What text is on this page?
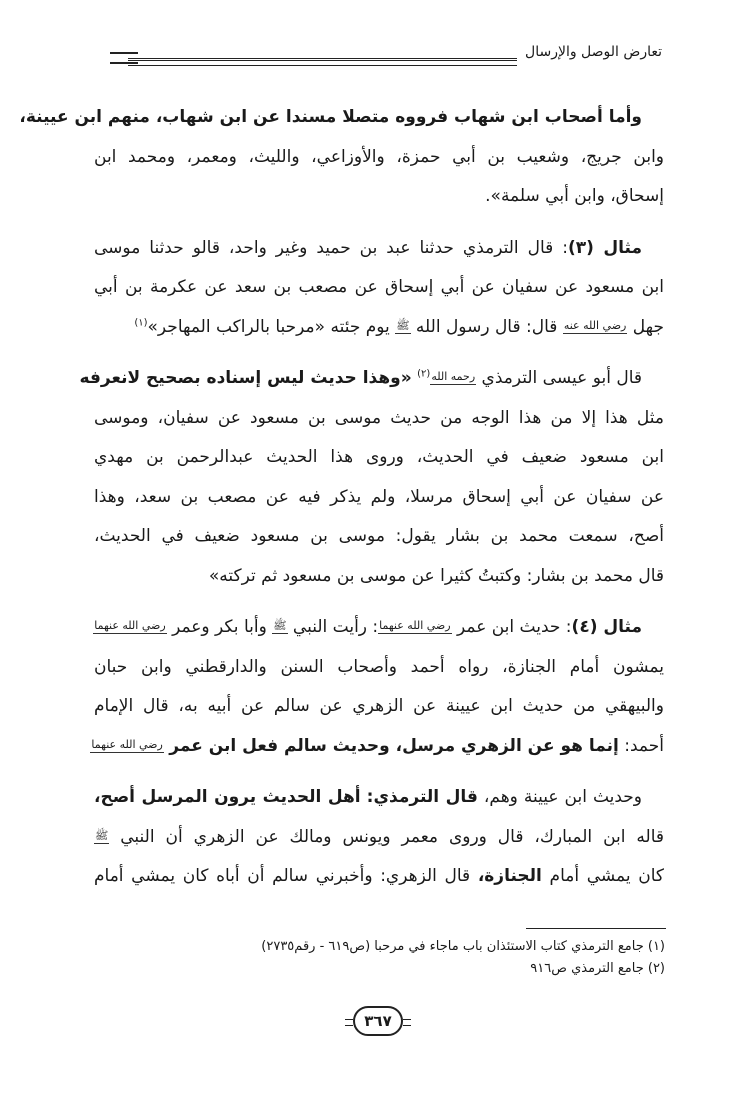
تعارض الوصل والإرسال
وأما أصحاب ابن شهاب فرووه متصلا مسندا عن ابن شهاب، منهم ابن عيينة،
وابن جريج، وشعيب بن أبي حمزة، والأوزاعي، والليث، ومعمر، ومحمد ابن
إسحاق، وابن أبي سلمة».
مثال (٣): قال الترمذي حدثنا عبد بن حميد وغير واحد، قالو حدثنا موسى
ابن مسعود عن سفيان عن أبي إسحاق عن مصعب بن سعد عن عكرمة بن أبي
جهل رضي الله عنه قال: قال رسول الله ﷺ يوم جئته «مرحبا بالراكب المهاجر»$^{(١)}$
قال أبو عيسى الترمذي رحمه الله$^{(٢)}$ «وهذا حديث ليس إسناده بصحيح لانعرفه
مثل هذا إلا من هذا الوجه من حديث موسى بن مسعود عن سفيان، وموسى
ابن مسعود ضعيف في الحديث، وروى هذا الحديث عبدالرحمن بن مهدي
عن سفيان عن أبي إسحاق مرسلا، ولم يذكر فيه عن مصعب بن سعد، وهذا
أصح، سمعت محمد بن بشار يقول: موسى بن مسعود ضعيف في الحديث،
قال محمد بن بشار: وكتبتُ كثيرا عن موسى بن مسعود ثم تركته»
مثال (٤): حديث ابن عمر رضي الله عنهما: رأيت النبي ﷺ وأبا بكر وعمر رضي الله عنهما
يمشون أمام الجنازة، رواه أحمد وأصحاب السنن والدارقطني وابن حبان
والبيهقي من حديث ابن عيينة عن الزهري عن سالم عن أبيه به، قال الإمام
أحمد: إنما هو عن الزهري مرسل، وحديث سالم فعل ابن عمر رضي الله عنهما
وحديث ابن عيينة وهم، قال الترمذي: أهل الحديث يرون المرسل أصح،
قاله ابن المبارك، قال وروى معمر ويونس ومالك عن الزهري أن النبي ﷺ
كان يمشي أمام الجنازة، قال الزهري: وأخبرني سالم أن أباه كان يمشي أمام
(١) جامع الترمذي كتاب الاستئذان باب ماجاء في مرحبا (ص٦١٩ - رقم٢٧٣٥)
(٢) جامع الترمذي ص٩١٦
٣٦٧
